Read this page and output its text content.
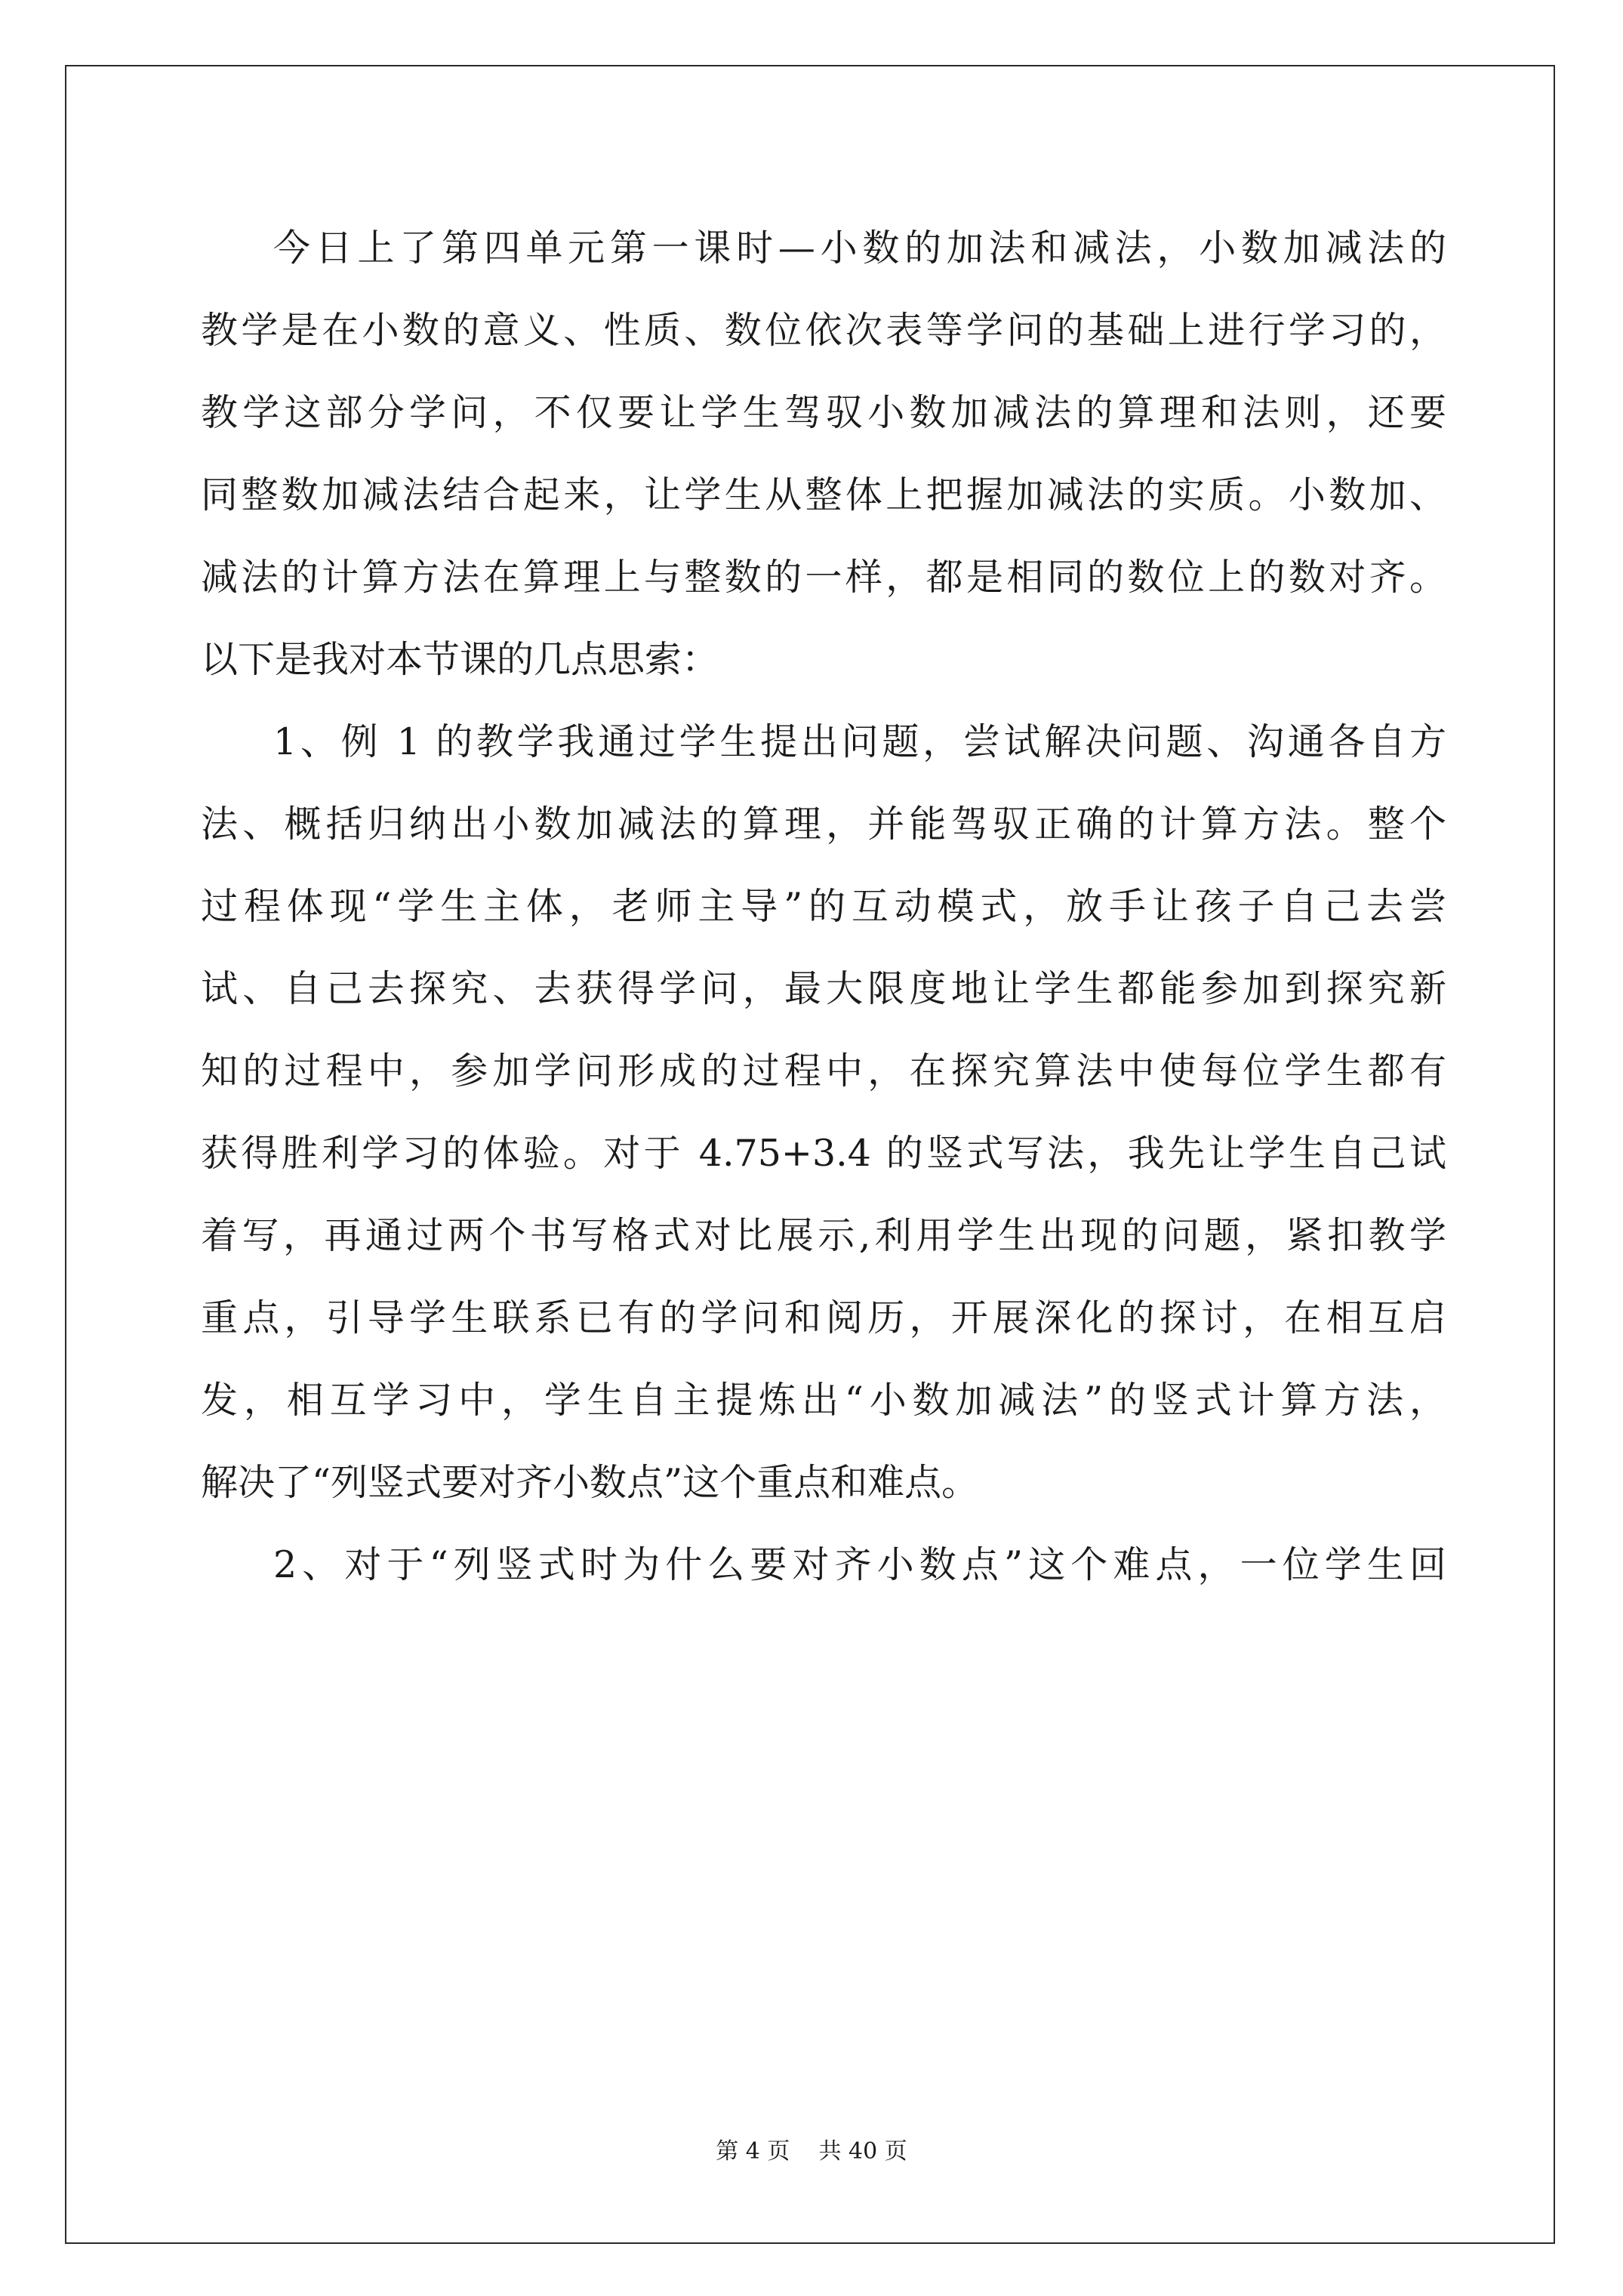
今日上了第四单元第一课时—小数的加法和减法，小数加减法的
教学是在小数的意义、性质、数位依次表等学问的基础上进行学习的，
教学这部分学问，不仅要让学生驾驭小数加减法的算理和法则，还要
同整数加减法结合起来，让学生从整体上把握加减法的实质。小数加、
减法的计算方法在算理上与整数的一样，都是相同的数位上的数对齐。
以下是我对本节课的几点思索：
1、例 1 的教学我通过学生提出问题，尝试解决问题、沟通各自方
法、概括归纳出小数加减法的算理，并能驾驭正确的计算方法。整个
过程体现“学生主体，老师主导”的互动模式，放手让孩子自己去尝
试、自己去探究、去获得学问，最大限度地让学生都能参加到探究新
知的过程中，参加学问形成的过程中，在探究算法中使每位学生都有
获得胜利学习的体验。对于 4.75+3.4 的竖式写法，我先让学生自己试
着写，再通过两个书写格式对比展示,利用学生出现的问题，紧扣教学
重点，引导学生联系已有的学问和阅历，开展深化的探讨，在相互启
发，相互学习中，学生自主提炼出“小数加减法”的竖式计算方法，
解决了“列竖式要对齐小数点”这个重点和难点。
2、对于“列竖式时为什么要对齐小数点”这个难点，一位学生回
第 4 页    共 40 页
